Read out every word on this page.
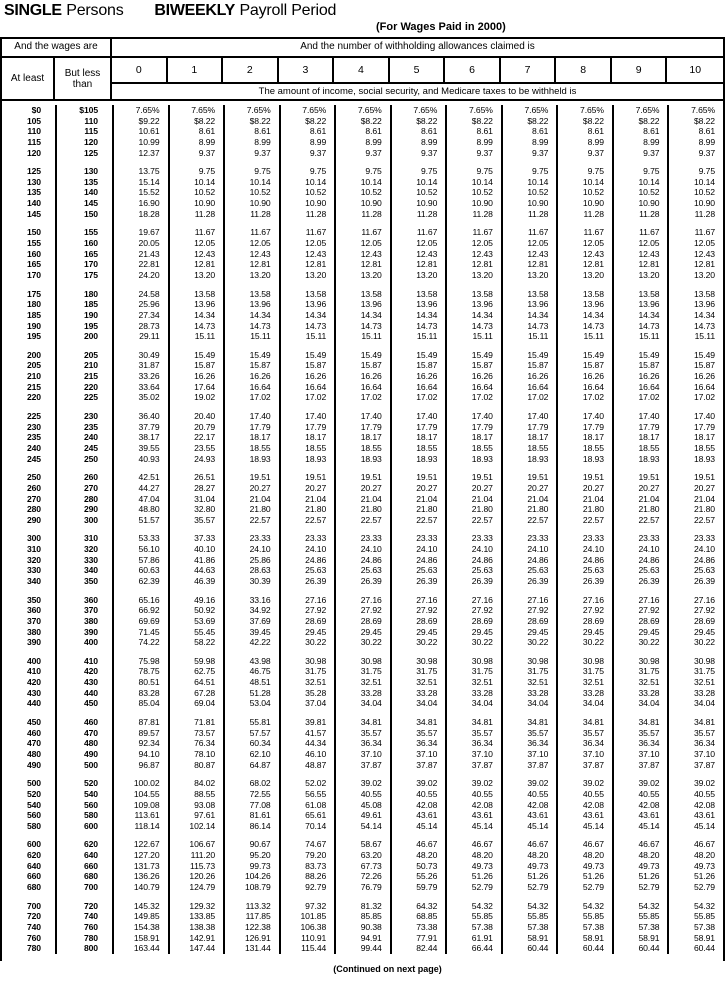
SINGLE Persons BIWEEKLY Payroll Period
(For Wages Paid in 2000)
And the wages are	And the number of withholding allowances claimed is
At least	But less than
0	1	2	3	4	5	6	7	8	9	10
The amount of income, social security, and Medicare taxes to be withheld is
$0	$105	7.65%	7.65%	7.65%	7.65%	7.65%	7.65%	7.65%	7.65%	7.65%	7.65%	7.65%
105	110	$9.22	$8.22	$8.22	$8.22	$8.22	$8.22	$8.22	$8.22	$8.22	$8.22	$8.22
110	115	10.61	8.61	8.61	8.61	8.61	8.61	8.61	8.61	8.61	8.61	8.61
115	120	10.99	8.99	8.99	8.99	8.99	8.99	8.99	8.99	8.99	8.99	8.99
120	125	12.37	9.37	9.37	9.37	9.37	9.37	9.37	9.37	9.37	9.37	9.37
125	130	13.75	9.75	9.75	9.75	9.75	9.75	9.75	9.75	9.75	9.75	9.75
130	135	15.14	10.14	10.14	10.14	10.14	10.14	10.14	10.14	10.14	10.14	10.14
135	140	15.52	10.52	10.52	10.52	10.52	10.52	10.52	10.52	10.52	10.52	10.52
140	145	16.90	10.90	10.90	10.90	10.90	10.90	10.90	10.90	10.90	10.90	10.90
145	150	18.28	11.28	11.28	11.28	11.28	11.28	11.28	11.28	11.28	11.28	11.28
150	155	19.67	11.67	11.67	11.67	11.67	11.67	11.67	11.67	11.67	11.67	11.67
155	160	20.05	12.05	12.05	12.05	12.05	12.05	12.05	12.05	12.05	12.05	12.05
160	165	21.43	12.43	12.43	12.43	12.43	12.43	12.43	12.43	12.43	12.43	12.43
165	170	22.81	12.81	12.81	12.81	12.81	12.81	12.81	12.81	12.81	12.81	12.81
170	175	24.20	13.20	13.20	13.20	13.20	13.20	13.20	13.20	13.20	13.20	13.20
175	180	24.58	13.58	13.58	13.58	13.58	13.58	13.58	13.58	13.58	13.58	13.58
180	185	25.96	13.96	13.96	13.96	13.96	13.96	13.96	13.96	13.96	13.96	13.96
185	190	27.34	14.34	14.34	14.34	14.34	14.34	14.34	14.34	14.34	14.34	14.34
190	195	28.73	14.73	14.73	14.73	14.73	14.73	14.73	14.73	14.73	14.73	14.73
195	200	29.11	15.11	15.11	15.11	15.11	15.11	15.11	15.11	15.11	15.11	15.11
200	205	30.49	15.49	15.49	15.49	15.49	15.49	15.49	15.49	15.49	15.49	15.49
205	210	31.87	15.87	15.87	15.87	15.87	15.87	15.87	15.87	15.87	15.87	15.87
210	215	33.26	16.26	16.26	16.26	16.26	16.26	16.26	16.26	16.26	16.26	16.26
215	220	33.64	17.64	16.64	16.64	16.64	16.64	16.64	16.64	16.64	16.64	16.64
220	225	35.02	19.02	17.02	17.02	17.02	17.02	17.02	17.02	17.02	17.02	17.02
225	230	36.40	20.40	17.40	17.40	17.40	17.40	17.40	17.40	17.40	17.40	17.40
230	235	37.79	20.79	17.79	17.79	17.79	17.79	17.79	17.79	17.79	17.79	17.79
235	240	38.17	22.17	18.17	18.17	18.17	18.17	18.17	18.17	18.17	18.17	18.17
240	245	39.55	23.55	18.55	18.55	18.55	18.55	18.55	18.55	18.55	18.55	18.55
245	250	40.93	24.93	18.93	18.93	18.93	18.93	18.93	18.93	18.93	18.93	18.93
250	260	42.51	26.51	19.51	19.51	19.51	19.51	19.51	19.51	19.51	19.51	19.51
260	270	44.27	28.27	20.27	20.27	20.27	20.27	20.27	20.27	20.27	20.27	20.27
270	280	47.04	31.04	21.04	21.04	21.04	21.04	21.04	21.04	21.04	21.04	21.04
280	290	48.80	32.80	21.80	21.80	21.80	21.80	21.80	21.80	21.80	21.80	21.80
290	300	51.57	35.57	22.57	22.57	22.57	22.57	22.57	22.57	22.57	22.57	22.57
300	310	53.33	37.33	23.33	23.33	23.33	23.33	23.33	23.33	23.33	23.33	23.33
310	320	56.10	40.10	24.10	24.10	24.10	24.10	24.10	24.10	24.10	24.10	24.10
320	330	57.86	41.86	25.86	24.86	24.86	24.86	24.86	24.86	24.86	24.86	24.86
330	340	60.63	44.63	28.63	25.63	25.63	25.63	25.63	25.63	25.63	25.63	25.63
340	350	62.39	46.39	30.39	26.39	26.39	26.39	26.39	26.39	26.39	26.39	26.39
350	360	65.16	49.16	33.16	27.16	27.16	27.16	27.16	27.16	27.16	27.16	27.16
360	370	66.92	50.92	34.92	27.92	27.92	27.92	27.92	27.92	27.92	27.92	27.92
370	380	69.69	53.69	37.69	28.69	28.69	28.69	28.69	28.69	28.69	28.69	28.69
380	390	71.45	55.45	39.45	29.45	29.45	29.45	29.45	29.45	29.45	29.45	29.45
390	400	74.22	58.22	42.22	30.22	30.22	30.22	30.22	30.22	30.22	30.22	30.22
400	410	75.98	59.98	43.98	30.98	30.98	30.98	30.98	30.98	30.98	30.98	30.98
410	420	78.75	62.75	46.75	31.75	31.75	31.75	31.75	31.75	31.75	31.75	31.75
420	430	80.51	64.51	48.51	32.51	32.51	32.51	32.51	32.51	32.51	32.51	32.51
430	440	83.28	67.28	51.28	35.28	33.28	33.28	33.28	33.28	33.28	33.28	33.28
440	450	85.04	69.04	53.04	37.04	34.04	34.04	34.04	34.04	34.04	34.04	34.04
450	460	87.81	71.81	55.81	39.81	34.81	34.81	34.81	34.81	34.81	34.81	34.81
460	470	89.57	73.57	57.57	41.57	35.57	35.57	35.57	35.57	35.57	35.57	35.57
470	480	92.34	76.34	60.34	44.34	36.34	36.34	36.34	36.34	36.34	36.34	36.34
480	490	94.10	78.10	62.10	46.10	37.10	37.10	37.10	37.10	37.10	37.10	37.10
490	500	96.87	80.87	64.87	48.87	37.87	37.87	37.87	37.87	37.87	37.87	37.87
500	520	100.02	84.02	68.02	52.02	39.02	39.02	39.02	39.02	39.02	39.02	39.02
520	540	104.55	88.55	72.55	56.55	40.55	40.55	40.55	40.55	40.55	40.55	40.55
540	560	109.08	93.08	77.08	61.08	45.08	42.08	42.08	42.08	42.08	42.08	42.08
560	580	113.61	97.61	81.61	65.61	49.61	43.61	43.61	43.61	43.61	43.61	43.61
580	600	118.14	102.14	86.14	70.14	54.14	45.14	45.14	45.14	45.14	45.14	45.14
600	620	122.67	106.67	90.67	74.67	58.67	46.67	46.67	46.67	46.67	46.67	46.67
620	640	127.20	111.20	95.20	79.20	63.20	48.20	48.20	48.20	48.20	48.20	48.20
640	660	131.73	115.73	99.73	83.73	67.73	50.73	49.73	49.73	49.73	49.73	49.73
660	680	136.26	120.26	104.26	88.26	72.26	55.26	51.26	51.26	51.26	51.26	51.26
680	700	140.79	124.79	108.79	92.79	76.79	59.79	52.79	52.79	52.79	52.79	52.79
700	720	145.32	129.32	113.32	97.32	81.32	64.32	54.32	54.32	54.32	54.32	54.32
720	740	149.85	133.85	117.85	101.85	85.85	68.85	55.85	55.85	55.85	55.85	55.85
740	760	154.38	138.38	122.38	106.38	90.38	73.38	57.38	57.38	57.38	57.38	57.38
760	780	158.91	142.91	126.91	110.91	94.91	77.91	61.91	58.91	58.91	58.91	58.91
780	800	163.44	147.44	131.44	115.44	99.44	82.44	66.44	60.44	60.44	60.44	60.44
(Continued on next page)
